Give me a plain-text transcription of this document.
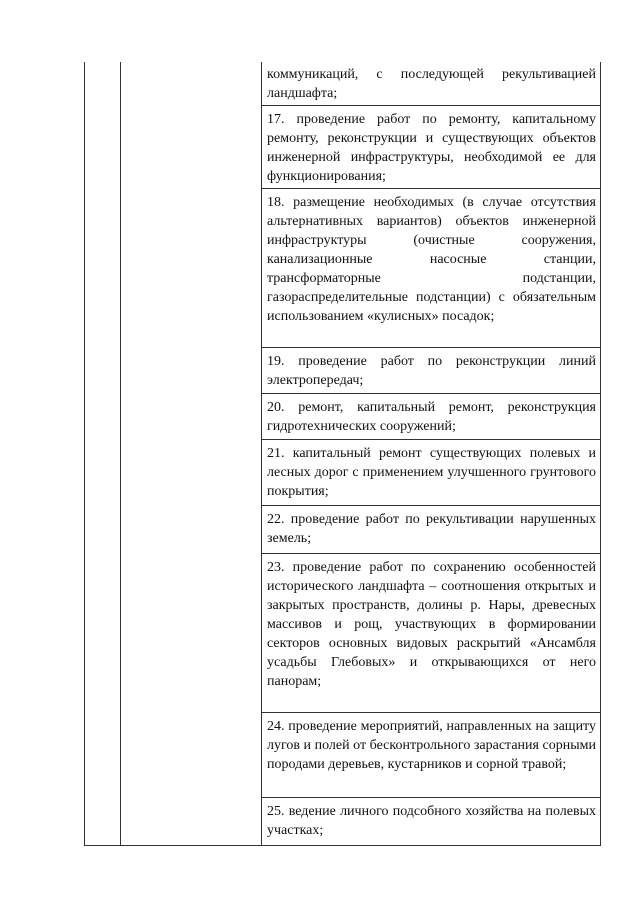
коммуникаций, с последующей рекультивацией ландшафта;

17. проведение работ по ремонту, капитальному ремонту, реконструкции и существующих объектов инженерной инфраструктуры, необходимой ее для функционирования;

18. размещение необходимых (в случае отсутствия альтернативных вариантов) объектов инженерной инфраструктуры (очистные сооружения, канализационные насосные станции, трансформаторные подстанции, газораспределительные подстанции) с обязательным использованием «кулисных» посадок;

19. проведение работ по реконструкции линий электропередач;

20. ремонт, капитальный ремонт, реконструкция гидротехнических сооружений;

21. капитальный ремонт существующих полевых и лесных дорог с применением улучшенного грунтового покрытия;

22. проведение работ по рекультивации нарушенных земель;

23. проведение работ по сохранению особенностей исторического ландшафта – соотношения открытых и закрытых пространств, долины р. Нары, древесных массивов и рощ, участвующих в формировании секторов основных видовых раскрытий «Ансамбля усадьбы Глебовых» и открывающихся от него панорам;

24. проведение мероприятий, направленных на защиту лугов и полей от бесконтрольного зарастания сорными породами деревьев, кустарников и сорной травой;

25. ведение личного подсобного хозяйства на полевых участках;
